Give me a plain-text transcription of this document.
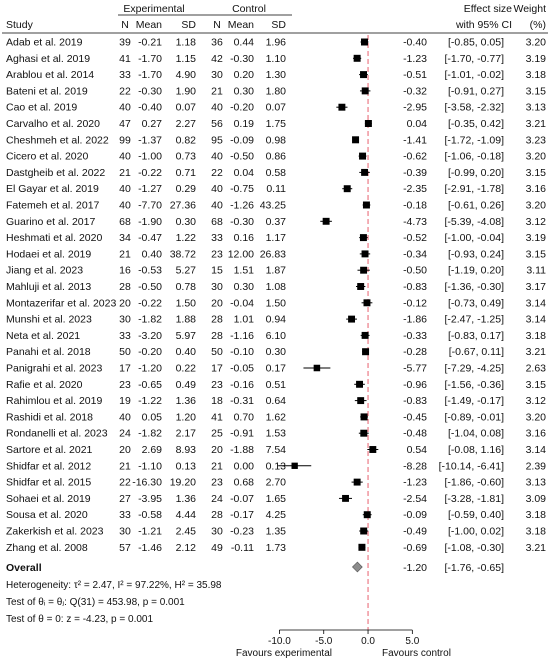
Experimental	Control	Effect size Weight
Study	N Mean SD N Mean SD	with 95% CI (%)
Adab et al. 2019	39 -0.21 1.18 36 0.44 1.96	-0.40 [-0.85, 0.05] 3.20
Aghasi et al. 2019	41 -1.70 1.15 42 -0.30 1.10	-1.23 [-1.70, -0.77] 3.19
Arablou et al. 2014 33 -1.70 4.90 30 0.20 1.30	-0.51 [-1.01, -0.02] 3.18
Bateni et al. 2019	22 -0.30 1.90 21 0.30 1.80	-0.32 [-0.91, 0.27] 3.15
Cao et al. 2019	40 -0.40 0.07 40 -0.20 0.07	-2.95 [-3.58, -2.32] 3.13
Carvalho et al. 2020 47 0.27 2.27 56 0.19 1.75	0.04 [-0.35, 0.42] 3.21
Cheshmeh et al. 2022 99 -1.37 0.82 95 -0.09 0.98	-1.41 [-1.72, -1.09] 3.23
Cicero et al. 2020	40 -1.00 0.73 40 -0.50 0.86	-0.62 [-1.06, -0.18] 3.20
Dastgheib et al. 2022 21 -0.22 0.71 22 0.04 0.58	-0.39 [-0.99, 0.20] 3.15
El Gayar et al. 2019 40 -1.27 0.29 40 -0.75 0.11	-2.35 [-2.91, -1.78] 3.16
Fatemeh et al. 2017 40 -7.70 27.36 40 -1.26 43.25	-0.18 [-0.61, 0.26] 3.20
Guarino et al. 2017 68 -1.90 0.30 68 -0.30 0.37	-4.73 [-5.39, -4.08] 3.12
Heshmati et al. 2020 34 -0.47 1.22 33 0.16 1.17	-0.52 [-1.00, -0.04] 3.19
Hodaei et al. 2019	21 0.40 38.72 23 12.00 26.83	-0.34 [-0.93, 0.24] 3.15
Jiang et al. 2023	16 -0.53 5.27 15 1.51 1.87	-0.50 [-1.19, 0.20] 3.11
Mahluji et al. 2013	28 -0.50 0.78 30 0.30 1.08	-0.83 [-1.36, -0.30] 3.17
Montazerifar et al. 2023 20 -0.22 1.50 20 -0.04 1.50	-0.12 [-0.73, 0.49] 3.14
Munshi et al. 2023	30 -1.82 1.88 28 1.01 0.94	-1.86 [-2.47, -1.25] 3.14
Neta et al. 2021	33 -3.20 5.97 28 -1.16 6.10	-0.33 [-0.83, 0.17] 3.18
Panahi et al. 2018	50 -0.20 0.40 50 -0.10 0.30	-0.28 [-0.67, 0.11] 3.21
Panigrahi et al. 2023 17 -1.20 0.22 17 -0.05 0.17	-5.77 [-7.29, -4.25] 2.63
Rafie et al. 2020	23 -0.65 0.49 23 -0.16 0.51	-0.96 [-1.56, -0.36] 3.15
Rahimlou et al. 2019 19 -1.22 1.36 18 -0.31 0.64	-0.83 [-1.49, -0.17] 3.12
Rashidi et al. 2018 40 0.05 1.20 41 0.70 1.62	-0.45 [-0.89, -0.01] 3.20
Rondanelli et al. 2023 24 -1.82 2.17 25 -0.91 1.53	-0.48 [-1.04, 0.08] 3.16
Sartore et al. 2021	20 2.69 8.93 20 -1.88 7.54	0.54 [-0.08, 1.16] 3.14
Shidfar et al. 2012	21 -1.10 0.13 21 0.00 0.13	-8.28 [-10.14, -6.41] 2.39
Shidfar et al. 2015	22 -16.30 19.20 23 0.68 2.70	-1.23 [-1.86, -0.60] 3.13
Sohaei et al. 2019	27 -3.95 1.36 24 -0.07 1.65	-2.54 [-3.28, -1.81] 3.09
Sousa et al. 2020	33 -0.58 4.44 28 -0.17 4.25	-0.09 [-0.59, 0.40] 3.18
Zakerkish et al. 2023 30 -1.21 2.45 30 -0.23 1.35	-0.49 [-1.00, 0.02] 3.18
Zhang et al. 2008	57 -1.46 2.12 49 -0.11 1.73	-0.69 [-1.08, -0.30] 3.21
Overall	-1.20 [-1.76, -0.65]
Heterogeneity: τ² = 2.47, I² = 97.22%, H² = 35.98
Test of θᵢ = θⱼ: Q(31) = 453.98, p = 0.001
Test of θ = 0: z = -4.23, p = 0.001
-10.0 -5.0	0.0	5.0
Favours experimental	Favours control
